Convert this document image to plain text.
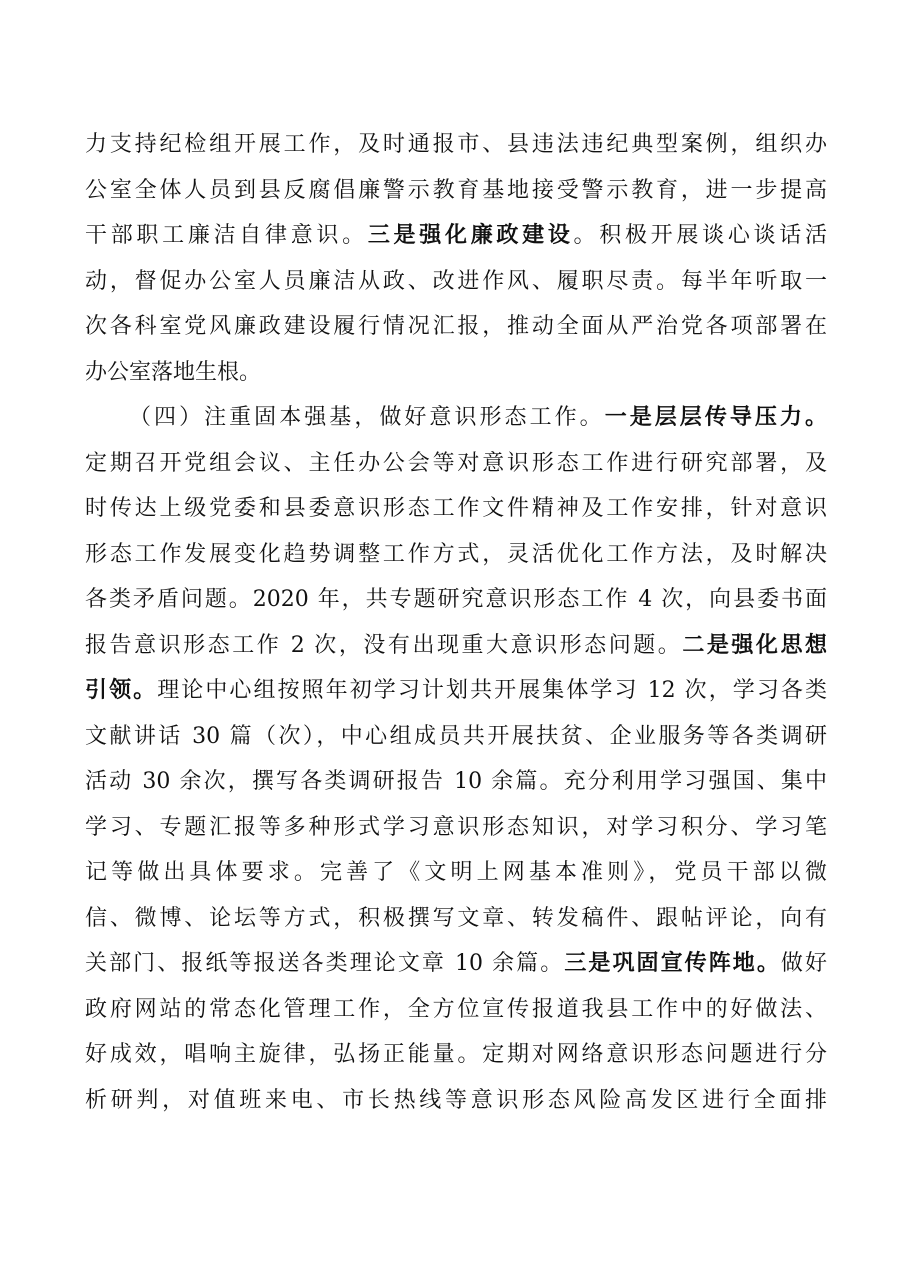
力支持纪检组开展工作，及时通报市、县违法违纪典型案例，组织办
公室全体人员到县反腐倡廉警示教育基地接受警示教育，进一步提高
干部职工廉洁自律意识。三是强化廉政建设。积极开展谈心谈话活
动，督促办公室人员廉洁从政、改进作风、履职尽责。每半年听取一
次各科室党风廉政建设履行情况汇报，推动全面从严治党各项部署在
办公室落地生根。
（四）注重固本强基，做好意识形态工作。一是层层传导压力。
定期召开党组会议、主任办公会等对意识形态工作进行研究部署，及
时传达上级党委和县委意识形态工作文件精神及工作安排，针对意识
形态工作发展变化趋势调整工作方式，灵活优化工作方法，及时解决
各类矛盾问题。2020 年，共专题研究意识形态工作 4 次，向县委书面
报告意识形态工作 2 次，没有出现重大意识形态问题。二是强化思想
引领。理论中心组按照年初学习计划共开展集体学习 12 次，学习各类
文献讲话 30 篇（次），中心组成员共开展扶贫、企业服务等各类调研
活动 30 余次，撰写各类调研报告 10 余篇。充分利用学习强国、集中
学习、专题汇报等多种形式学习意识形态知识，对学习积分、学习笔
记等做出具体要求。完善了《文明上网基本准则》，党员干部以微
信、微博、论坛等方式，积极撰写文章、转发稿件、跟帖评论，向有
关部门、报纸等报送各类理论文章 10 余篇。三是巩固宣传阵地。做好
政府网站的常态化管理工作，全方位宣传报道我县工作中的好做法、
好成效，唱响主旋律，弘扬正能量。定期对网络意识形态问题进行分
析研判，对值班来电、市长热线等意识形态风险高发区进行全面排
